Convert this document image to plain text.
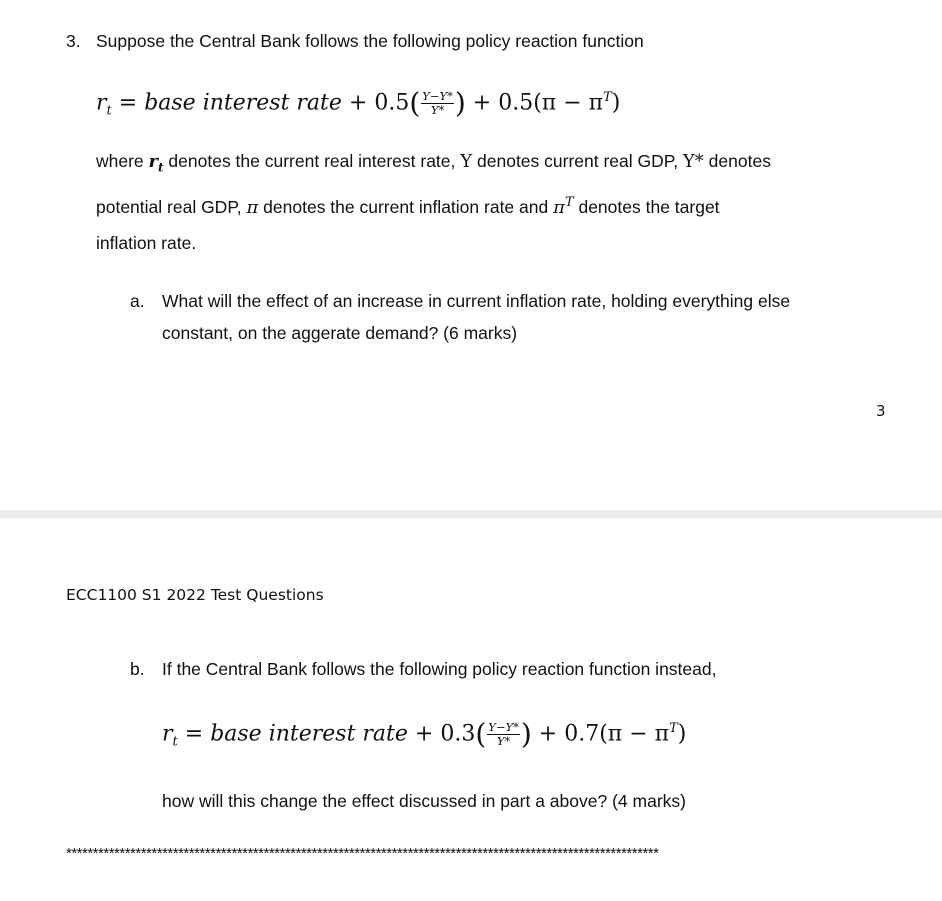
3. Suppose the Central Bank follows the following policy reaction function
$r_t$ = base interest rate + $0.5( \frac{Y-Y*}{Y*}$ ) + $0.5(\pi - \pi^T)$
where $r_t$ denotes the current real interest rate, Y denotes current real GDP, Y* denotes
potential real GDP, π denotes the current inflation rate and $\pi^T$ denotes the target
inflation rate.
a. What will the effect of an increase in current inflation rate, holding everything else
constant, on the aggerate demand? (6 marks)
3
ECC1100 S1 2022 Test Questions
b. If the Central Bank follows the following policy reaction function instead,
$r_t$ = base interest rate + $0.3( \frac{Y-Y*}{Y*}$ ) + $0.7(\pi - \pi^T)$
how will this change the effect discussed in part a above? (4 marks)
***************************************************************************************************************
